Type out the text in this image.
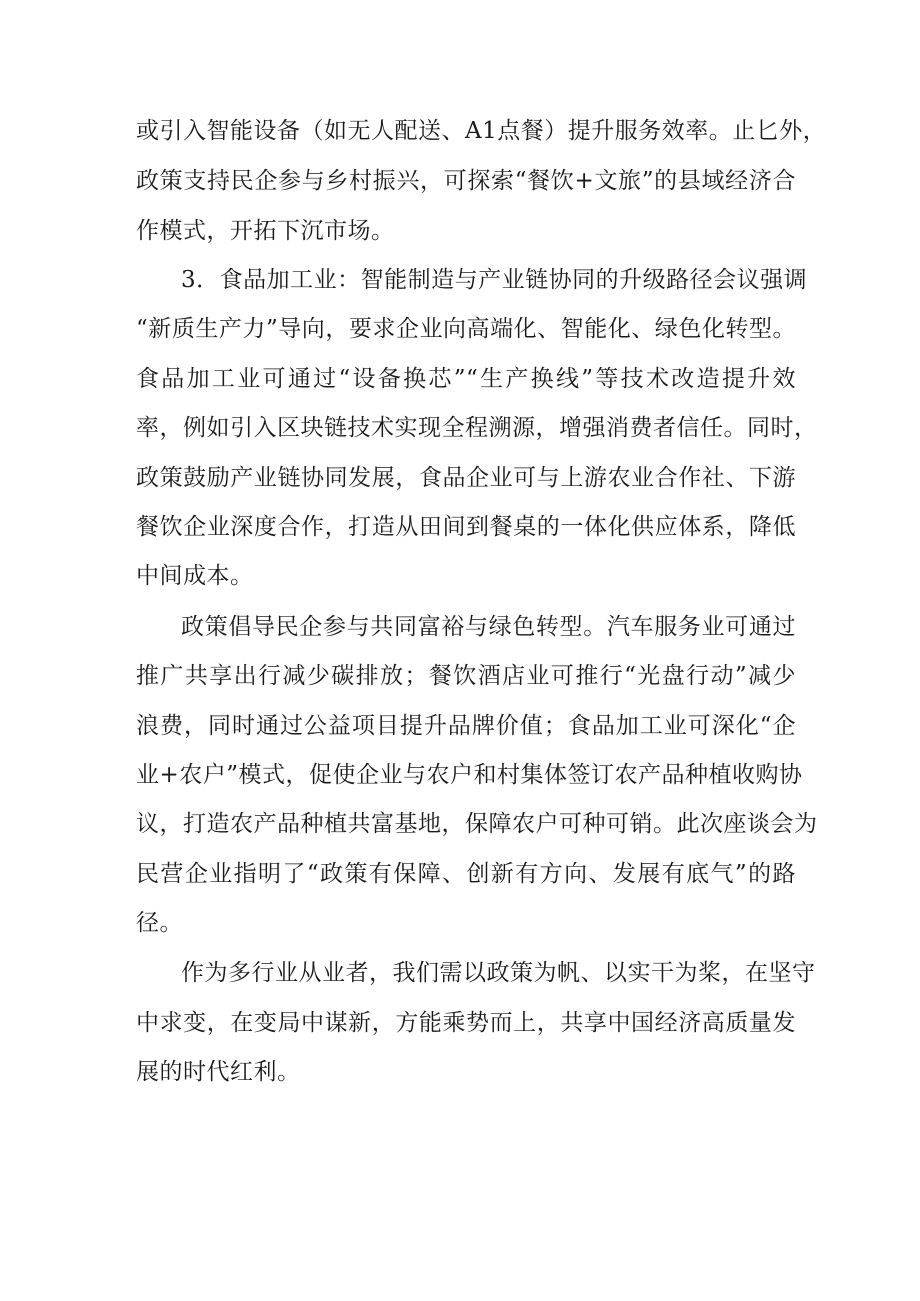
或引入智能设备（如无人配送、A1点餐）提升服务效率。止匕外，
政策支持民企参与乡村振兴，可探索“餐饮+文旅”的县域经济合
作模式，开拓下沉市场。
3．食品加工业：智能制造与产业链协同的升级路径会议强调
“新质生产力”导向，要求企业向高端化、智能化、绿色化转型。
食品加工业可通过“设备换芯”“生产换线”等技术改造提升效
率，例如引入区块链技术实现全程溯源，增强消费者信任。同时，
政策鼓励产业链协同发展，食品企业可与上游农业合作社、下游
餐饮企业深度合作，打造从田间到餐桌的一体化供应体系，降低
中间成本。
政策倡导民企参与共同富裕与绿色转型。汽车服务业可通过
推广共享出行减少碳排放；餐饮酒店业可推行“光盘行动”减少
浪费，同时通过公益项目提升品牌价值；食品加工业可深化“企
业+农户”模式，促使企业与农户和村集体签订农产品种植收购协
议，打造农产品种植共富基地，保障农户可种可销。此次座谈会为
民营企业指明了“政策有保障、创新有方向、发展有底气”的路
径。
作为多行业从业者，我们需以政策为帆、以实干为桨，在坚守
中求变，在变局中谋新，方能乘势而上，共享中国经济高质量发
展的时代红利。
